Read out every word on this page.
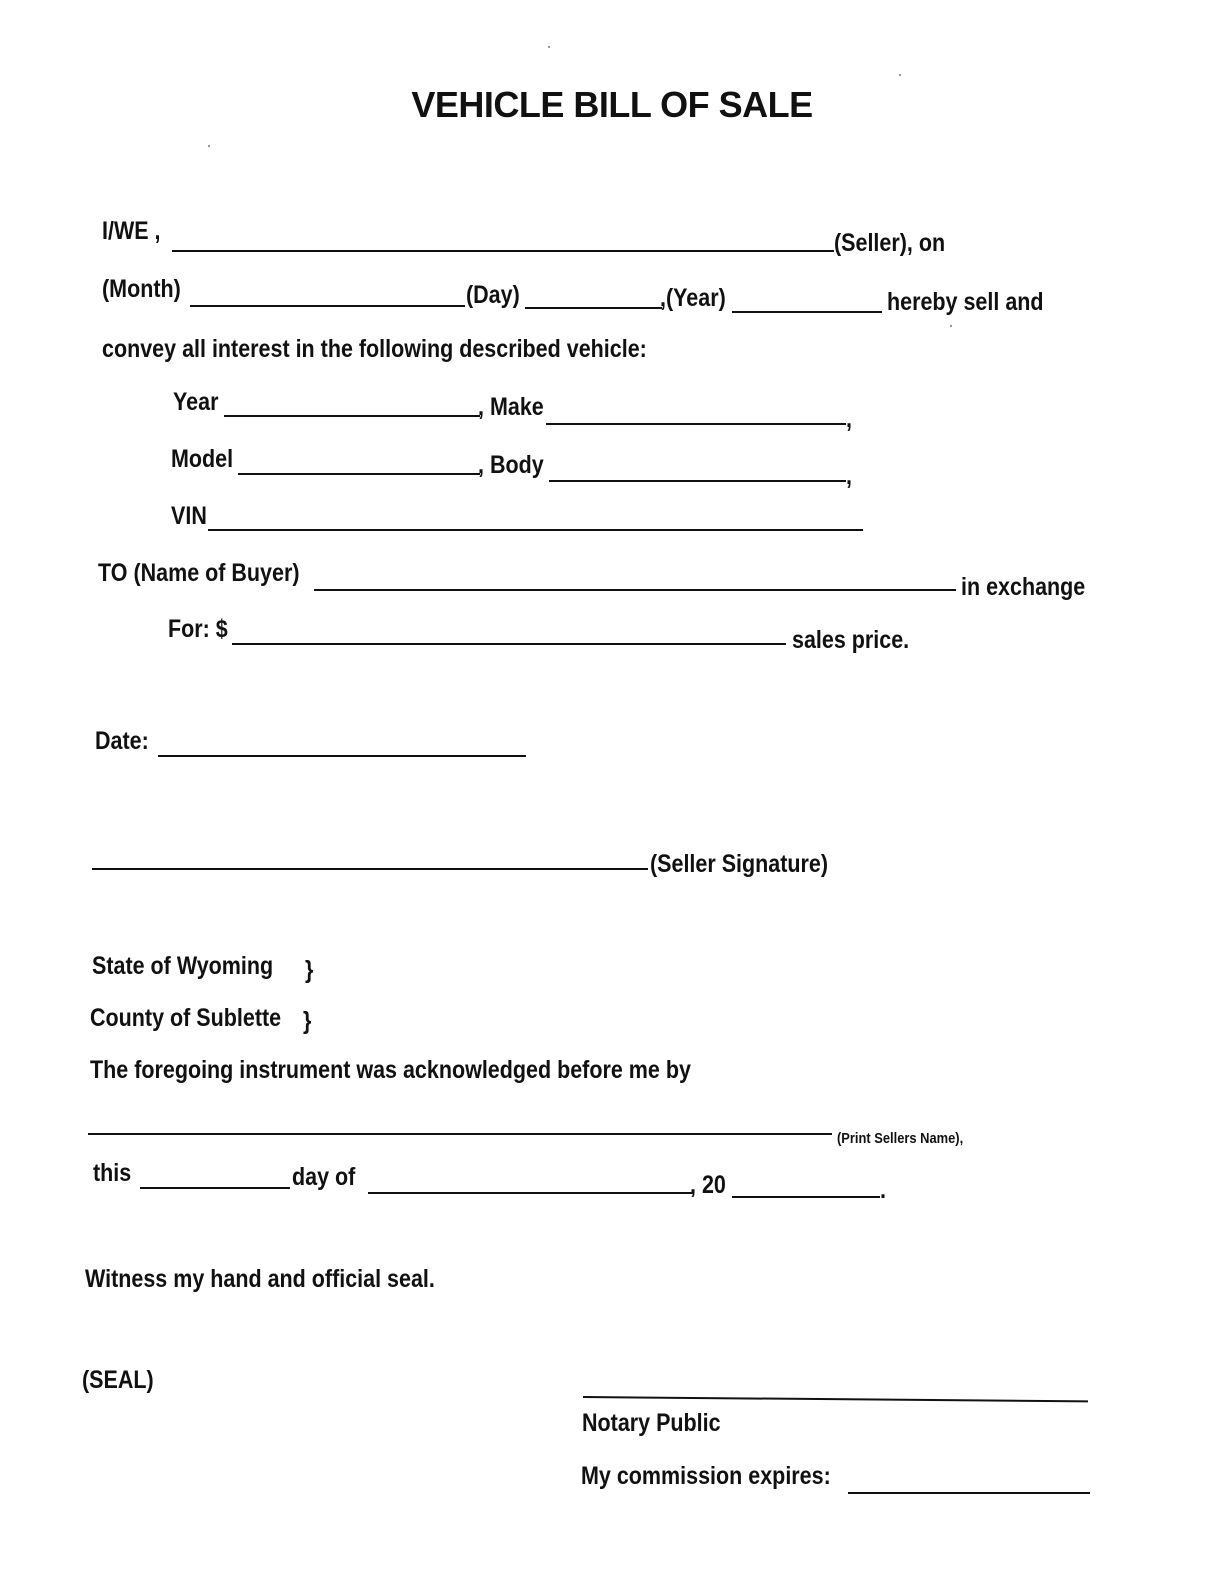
VEHICLE BILL OF SALE
I/WE ,	(Seller), on
(Month)	(Day)	,(Year)	hereby sell and
convey all interest in the following described vehicle:
Year	, Make	,
Model	, Body	,
VIN
TO (Name of Buyer)	in exchange
For: $	sales price.
Date:
(Seller Signature)
State of Wyoming }
County of Sublette }
The foregoing instrument was acknowledged before me by
(Print Sellers Name),
this	day of	, 20	.
Witness my hand and official seal.
(SEAL)
Notary Public
My commission expires:
